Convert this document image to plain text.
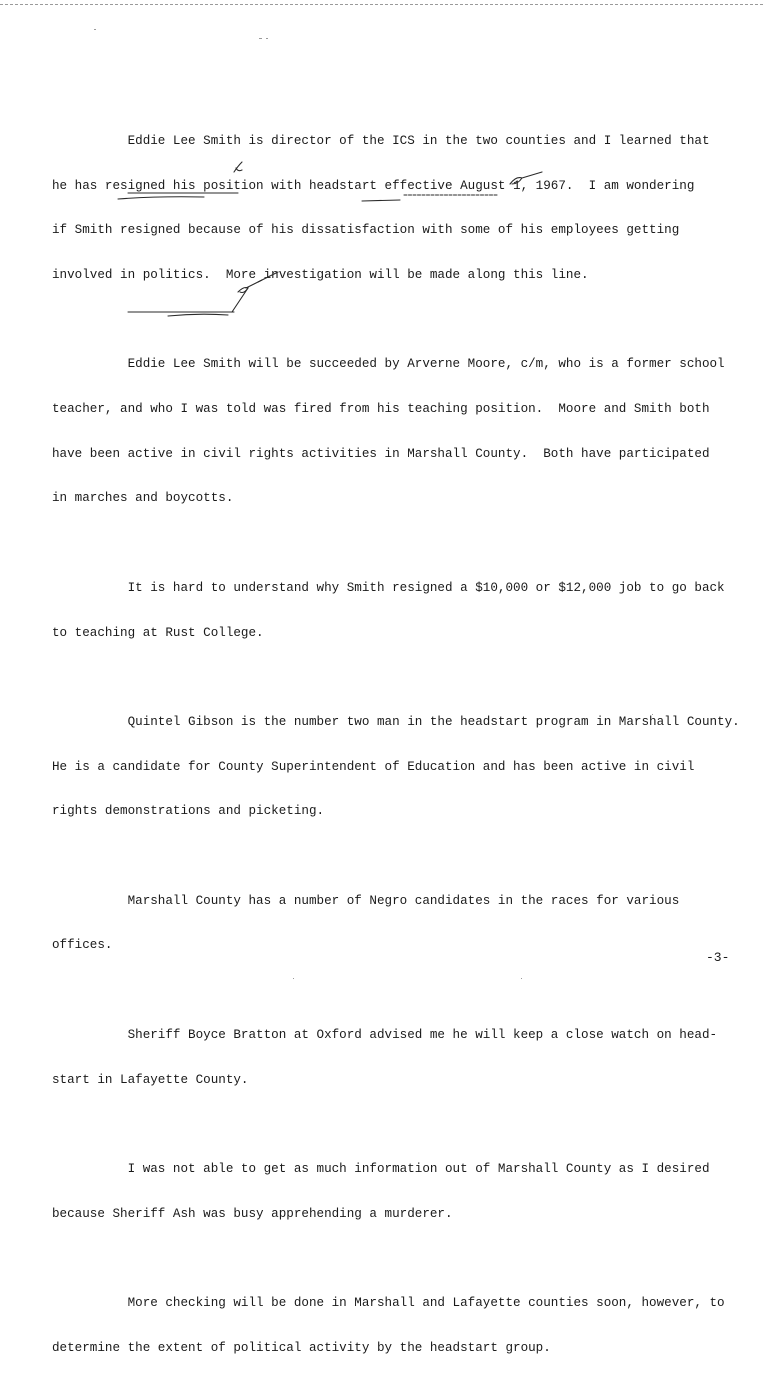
Eddie Lee Smith is director of the ICS in the two counties and I learned that

he has resigned his position with headstart effective August 1, 1967.  I am wondering

if Smith resigned because of his dissatisfaction with some of his employees getting

involved in politics.  More investigation will be made along this line.

Eddie Lee Smith will be succeeded by Arverne Moore, c/m, who is a former school

teacher, and who I was told was fired from his teaching position.  Moore and Smith both

have been active in civil rights activities in Marshall County.  Both have participated

in marches and boycotts.

It is hard to understand why Smith resigned a $10,000 or $12,000 job to go back

to teaching at Rust College.

Quintel Gibson is the number two man in the headstart program in Marshall County.

He is a candidate for County Superintendent of Education and has been active in civil

rights demonstrations and picketing.

Marshall County has a number of Negro candidates in the races for various

offices.

Sheriff Boyce Bratton at Oxford advised me he will keep a close watch on head-

start in Lafayette County.

I was not able to get as much information out of Marshall County as I desired

because Sheriff Ash was busy apprehending a murderer.

More checking will be done in Marshall and Lafayette counties soon, however, to

determine the extent of political activity by the headstart group.

-3-
